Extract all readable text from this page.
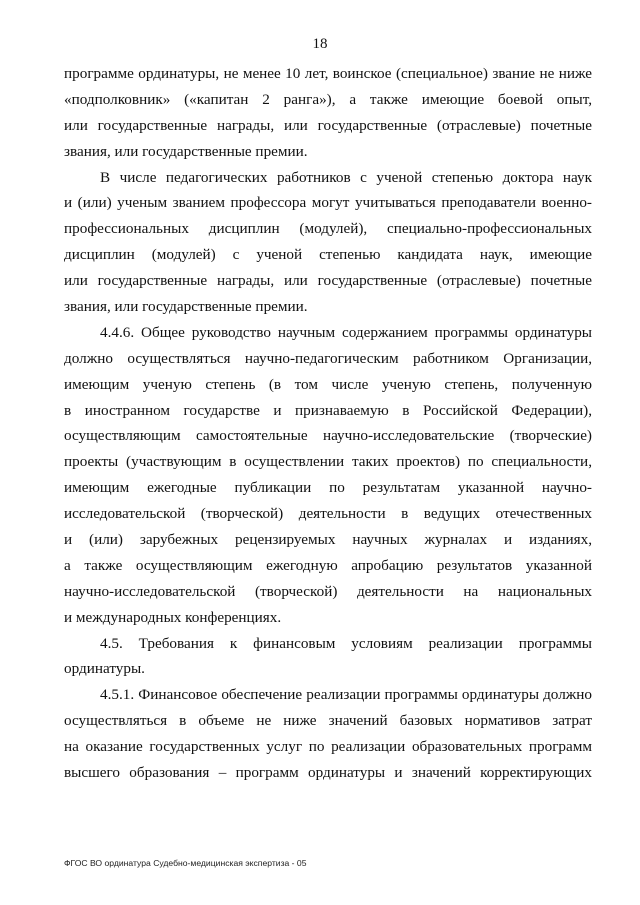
18
программе ординатуры, не менее 10 лет, воинское (специальное) звание не ниже
«подполковник» («капитан 2 ранга»), а также имеющие боевой опыт,
или государственные награды, или государственные (отраслевые) почетные
звания, или государственные премии.
В числе педагогических работников с ученой степенью доктора наук
и (или) ученым званием профессора могут учитываться преподаватели военно-
профессиональных дисциплин (модулей), специально-профессиональных
дисциплин (модулей) с ученой степенью кандидата наук, имеющие
или государственные награды, или государственные (отраслевые) почетные
звания, или государственные премии.
4.4.6. Общее руководство научным содержанием программы ординатуры
должно осуществляться научно-педагогическим работником Организации,
имеющим ученую степень (в том числе ученую степень, полученную
в иностранном государстве и признаваемую в Российской Федерации),
осуществляющим самостоятельные научно-исследовательские (творческие)
проекты (участвующим в осуществлении таких проектов) по специальности,
имеющим ежегодные публикации по результатам указанной научно-
исследовательской (творческой) деятельности в ведущих отечественных
и (или) зарубежных рецензируемых научных журналах и изданиях,
а также осуществляющим ежегодную апробацию результатов указанной
научно-исследовательской (творческой) деятельности на национальных
и международных конференциях.
4.5. Требования к финансовым условиям реализации программы
ординатуры.
4.5.1. Финансовое обеспечение реализации программы ординатуры должно
осуществляться в объеме не ниже значений базовых нормативов затрат
на оказание государственных услуг по реализации образовательных программ
высшего образования – программ ординатуры и значений корректирующих
ФГОС ВО ординатура Судебно-медицинская экспертиза - 05
